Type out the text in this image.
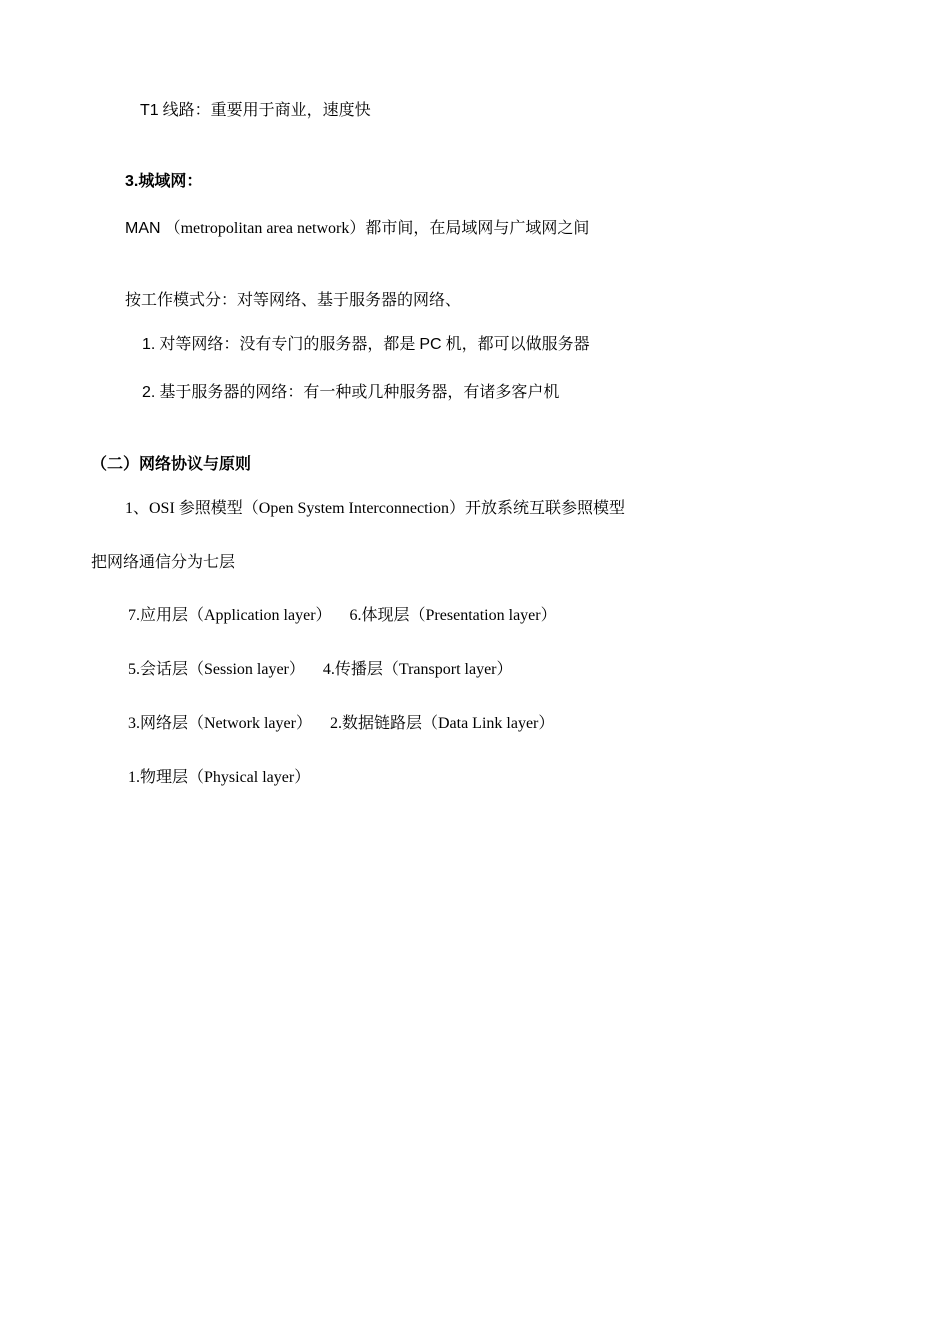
T1 线路：重要用于商业，速度快
3.城域网：
MAN （metropolitan area network）都市间，在局域网与广域网之间
按工作模式分：对等网络、基于服务器的网络、
1. 对等网络：没有专门的服务器，都是 PC 机，都可以做服务器
2. 基于服务器的网络：有一种或几种服务器，有诸多客户机
（二）网络协议与原则
1、OSI 参照模型（Open System Interconnection）开放系统互联参照模型
把网络通信分为七层
7.应用层（Application layer） 6.体现层（Presentation layer）
5.会话层（Session layer） 4.传播层（Transport layer）
3.网络层（Network layer） 2.数据链路层（Data Link layer）
1.物理层（Physical layer）
